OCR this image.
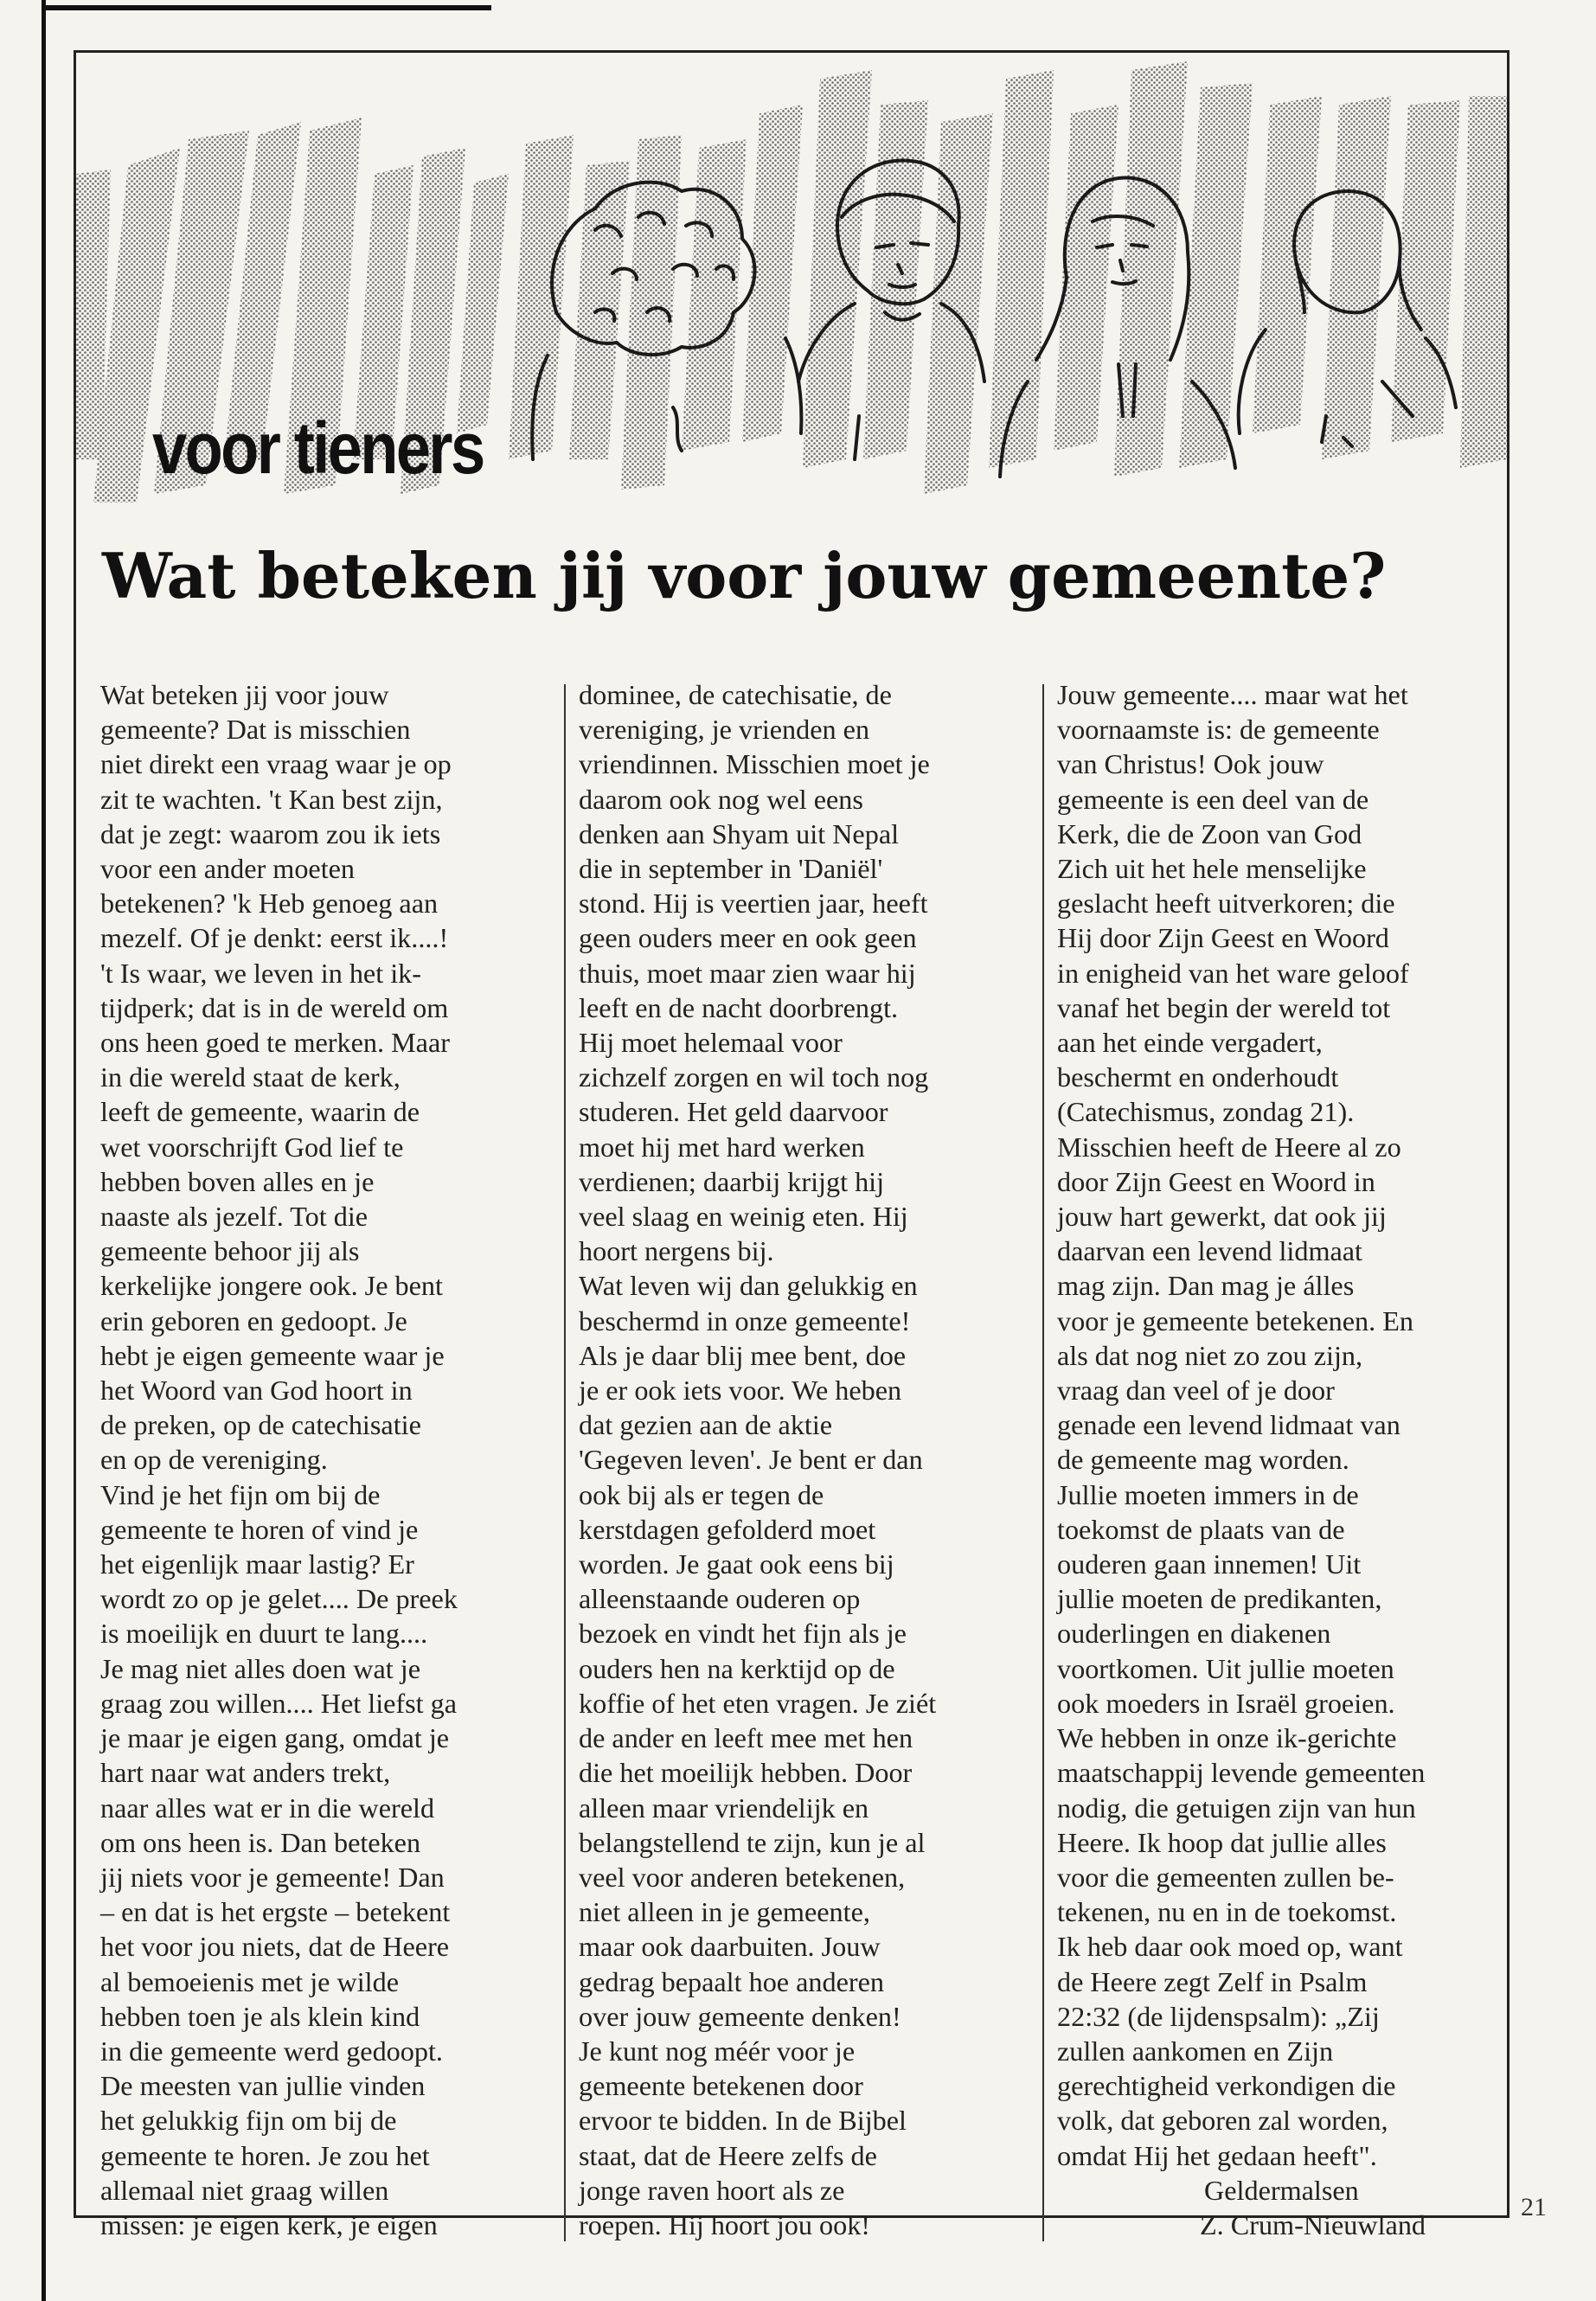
voor tieners
Wat beteken jij voor jouw gemeente?
Wat beteken jij voor jouw
gemeente? Dat is misschien
niet direkt een vraag waar je op
zit te wachten. 't Kan best zijn,
dat je zegt: waarom zou ik iets
voor een ander moeten
betekenen? 'k Heb genoeg aan
mezelf. Of je denkt: eerst ik....!
't Is waar, we leven in het ik-
tijdperk; dat is in de wereld om
ons heen goed te merken. Maar
in die wereld staat de kerk,
leeft de gemeente, waarin de
wet voorschrijft God lief te
hebben boven alles en je
naaste als jezelf. Tot die
gemeente behoor jij als
kerkelijke jongere ook. Je bent
erin geboren en gedoopt. Je
hebt je eigen gemeente waar je
het Woord van God hoort in
de preken, op de catechisatie
en op de vereniging.
Vind je het fijn om bij de
gemeente te horen of vind je
het eigenlijk maar lastig? Er
wordt zo op je gelet.... De preek
is moeilijk en duurt te lang....
Je mag niet alles doen wat je
graag zou willen.... Het liefst ga
je maar je eigen gang, omdat je
hart naar wat anders trekt,
naar alles wat er in die wereld
om ons heen is. Dan beteken
jij niets voor je gemeente! Dan
– en dat is het ergste – betekent
het voor jou niets, dat de Heere
al bemoeienis met je wilde
hebben toen je als klein kind
in die gemeente werd gedoopt.
De meesten van jullie vinden
het gelukkig fijn om bij de
gemeente te horen. Je zou het
allemaal niet graag willen
missen: je eigen kerk, je eigen
dominee, de catechisatie, de
vereniging, je vrienden en
vriendinnen. Misschien moet je
daarom ook nog wel eens
denken aan Shyam uit Nepal
die in september in 'Daniël'
stond. Hij is veertien jaar, heeft
geen ouders meer en ook geen
thuis, moet maar zien waar hij
leeft en de nacht doorbrengt.
Hij moet helemaal voor
zichzelf zorgen en wil toch nog
studeren. Het geld daarvoor
moet hij met hard werken
verdienen; daarbij krijgt hij
veel slaag en weinig eten. Hij
hoort nergens bij.
Wat leven wij dan gelukkig en
beschermd in onze gemeente!
Als je daar blij mee bent, doe
je er ook iets voor. We heben
dat gezien aan de aktie
'Gegeven leven'. Je bent er dan
ook bij als er tegen de
kerstdagen gefolderd moet
worden. Je gaat ook eens bij
alleenstaande ouderen op
bezoek en vindt het fijn als je
ouders hen na kerktijd op de
koffie of het eten vragen. Je ziét
de ander en leeft mee met hen
die het moeilijk hebben. Door
alleen maar vriendelijk en
belangstellend te zijn, kun je al
veel voor anderen betekenen,
niet alleen in je gemeente,
maar ook daarbuiten. Jouw
gedrag bepaalt hoe anderen
over jouw gemeente denken!
Je kunt nog méér voor je
gemeente betekenen door
ervoor te bidden. In de Bijbel
staat, dat de Heere zelfs de
jonge raven hoort als ze
roepen. Hij hoort jou ook!
Jouw gemeente.... maar wat het
voornaamste is: de gemeente
van Christus! Ook jouw
gemeente is een deel van de
Kerk, die de Zoon van God
Zich uit het hele menselijke
geslacht heeft uitverkoren; die
Hij door Zijn Geest en Woord
in enigheid van het ware geloof
vanaf het begin der wereld tot
aan het einde vergadert,
beschermt en onderhoudt
(Catechismus, zondag 21).
Misschien heeft de Heere al zo
door Zijn Geest en Woord in
jouw hart gewerkt, dat ook jij
daarvan een levend lidmaat
mag zijn. Dan mag je álles
voor je gemeente betekenen. En
als dat nog niet zo zou zijn,
vraag dan veel of je door
genade een levend lidmaat van
de gemeente mag worden.
Jullie moeten immers in de
toekomst de plaats van de
ouderen gaan innemen! Uit
jullie moeten de predikanten,
ouderlingen en diakenen
voortkomen. Uit jullie moeten
ook moeders in Israël groeien.
We hebben in onze ik-gerichte
maatschappij levende gemeenten
nodig, die getuigen zijn van hun
Heere. Ik hoop dat jullie alles
voor die gemeenten zullen be-
tekenen, nu en in de toekomst.
Ik heb daar ook moed op, want
de Heere zegt Zelf in Psalm
22:32 (de lijdenspsalm): „Zij
zullen aankomen en Zijn
gerechtigheid verkondigen die
volk, dat geboren zal worden,
omdat Hij het gedaan heeft".
Geldermalsen
Z. Crum-Nieuwland
21
